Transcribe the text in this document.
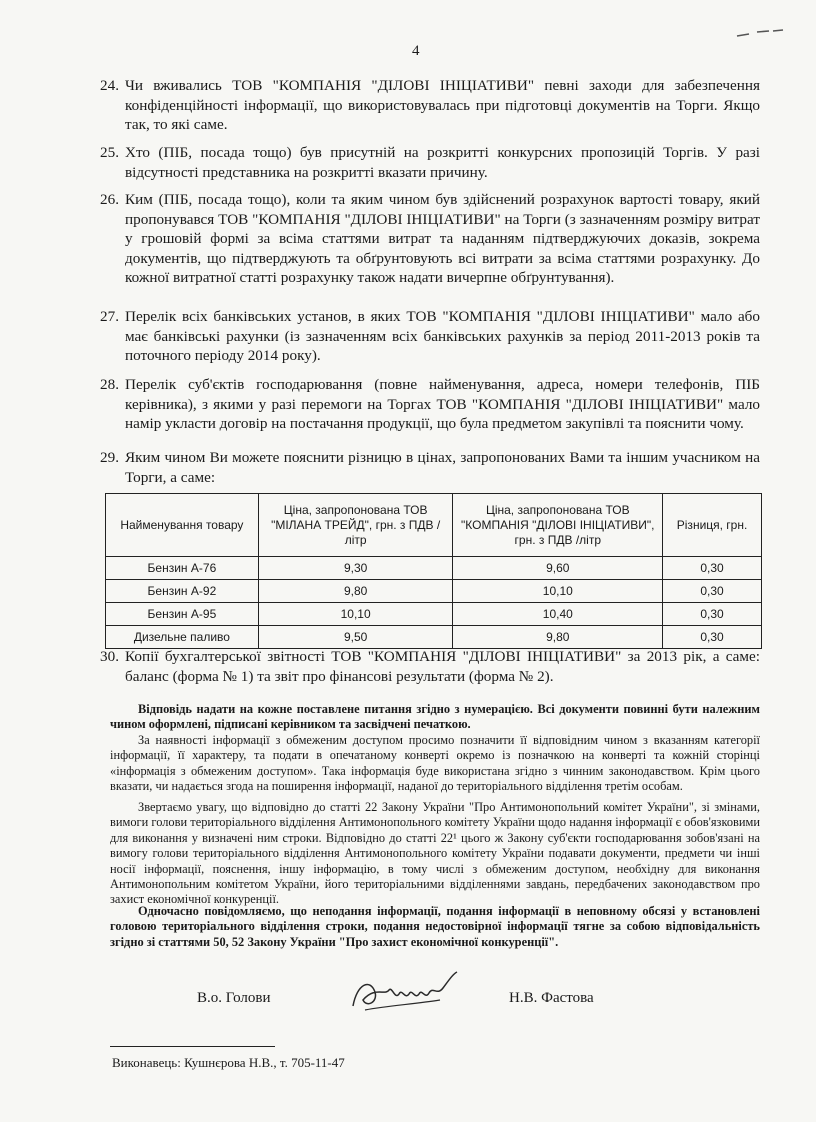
4
24. Чи вживались ТОВ "КОМПАНІЯ "ДІЛОВІ ІНІЦІАТИВИ" певні заходи для забезпечення конфіденційності інформації, що використовувалась при підготовці документів на Торги. Якщо так, то які саме.
25. Хто (ПІБ, посада тощо) був присутній на розкритті конкурсних пропозицій Торгів. У разі відсутності представника на розкритті вказати причину.
26. Ким (ПІБ, посада тощо), коли та яким чином був здійснений розрахунок вартості товару, який пропонувався ТОВ "КОМПАНІЯ "ДІЛОВІ ІНІЦІАТИВИ" на Торги (з зазначенням розміру витрат у грошовій формі за всіма статтями витрат та наданням підтверджуючих доказів, зокрема документів, що підтверджують та обґрунтовують всі витрати за всіма статтями розрахунку. До кожної витратної статті розрахунку також надати вичерпне обґрунтування).
27. Перелік всіх банківських установ, в яких ТОВ "КОМПАНІЯ "ДІЛОВІ ІНІЦІАТИВИ" мало або має банківські рахунки (із зазначенням всіх банківських рахунків за період 2011-2013 років та поточного періоду 2014 року).
28. Перелік суб'єктів господарювання (повне найменування, адреса, номери телефонів, ПІБ керівника), з якими у разі перемоги на Торгах ТОВ "КОМПАНІЯ "ДІЛОВІ ІНІЦІАТИВИ" мало намір укласти договір на постачання продукції, що була предметом закупівлі та пояснити чому.
29. Яким чином Ви можете пояснити різницю в цінах, запропонованих Вами та іншим учасником на Торги, а саме:
Найменування товару	Ціна, запропонована ТОВ "МІЛАНА ТРЕЙД", грн. з ПДВ /літр	Ціна, запропонована ТОВ "КОМПАНІЯ "ДІЛОВІ ІНІЦІАТИВИ", грн. з ПДВ /літр	Різниця, грн.
Бензин А-76	9,30	9,60	0,30
Бензин А-92	9,80	10,10	0,30
Бензин А-95	10,10	10,40	0,30
Дизельне паливо	9,50	9,80	0,30
30. Копії бухгалтерської звітності ТОВ "КОМПАНІЯ "ДІЛОВІ ІНІЦІАТИВИ" за 2013 рік, а саме: баланс (форма № 1) та звіт про фінансові результати (форма № 2).
Відповідь надати на кожне поставлене питання згідно з нумерацією. Всі документи повинні бути належним чином оформлені, підписані керівником та засвідчені печаткою.
За наявності інформації з обмеженим доступом просимо позначити її відповідним чином з вказанням категорії інформації, її характеру, та подати в опечатаному конверті окремо із позначкою на конверті та кожній сторінці «інформація з обмеженим доступом». Така інформація буде використана згідно з чинним законодавством. Крім цього вказати, чи надається згода на поширення інформації, наданої до територіального відділення третім особам.
Звертаємо увагу, що відповідно до статті 22 Закону України "Про Антимонопольний комітет України", зі змінами, вимоги голови територіального відділення Антимонопольного комітету України щодо надання інформації є обов'язковими для виконання у визначені ним строки. Відповідно до статті 22¹ цього ж Закону суб'єкти господарювання зобов'язані на вимогу голови територіального відділення Антимонопольного комітету України подавати документи, предмети чи інші носії інформації, пояснення, іншу інформацію, в тому числі з обмеженим доступом, необхідну для виконання Антимонопольним комітетом України, його територіальними відділеннями завдань, передбачених законодавством про захист економічної конкуренції.
Одночасно повідомляємо, що неподання інформації, подання інформації в неповному обсязі у встановлені головою територіального відділення строки, подання недостовірної інформації тягне за собою відповідальність згідно зі статтями 50, 52 Закону України "Про захист економічної конкуренції".
В.о. Голови	Н.В. Фастова
Виконавець: Кушнєрова Н.В., т. 705-11-47
